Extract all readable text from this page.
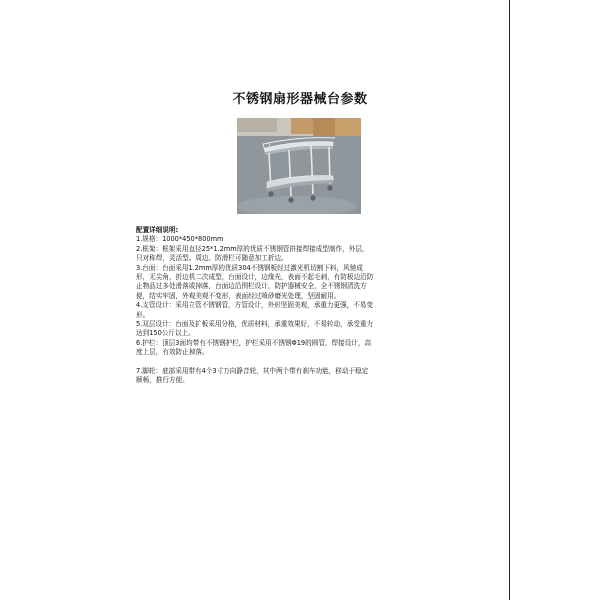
不锈钢扇形器械台参数

配置详细说明:

1.规格：1000*450*800mm

2.框架：框架采用直径25*1.2mm厚的优质不锈钢管拼接焊接成型制作，外层，只对称焊，灵活型。周边、防滑栏可随意加工折边。

3.台面：台面采用1.2mm厚的优质304不锈钢板经过激光机切割下料，风驰成形，无尖角，折边机二次成型，台面设计，边缘光，表面不起毛刺，有防板边沿防止物品过多处滑落或掉落，台面边沿围栏设计，防护器械安全，全不锈钢清洗方便，结实牢固，外观美观不变形，表面经过喷砂磨光处理，坚固耐用。

4.支管设计：采用立管不锈钢管，方管设计，外形坚固美观，承重力更强，不易变形。

5.双层设计：台面及扩板采用分格，优质材料，承重效果好，不易转动，承受重力达到150公斤以上。

6.护栏：顶层3面均带有不锈钢护栏，护栏采用不锈钢Φ19的圆管，焊接设计，高度上层，有效防止掉落。

7.脚轮：底部采用带有4个3寸万向静音轮，其中两个带有刹车功能，移动于稳定顺畅，推行方便。
